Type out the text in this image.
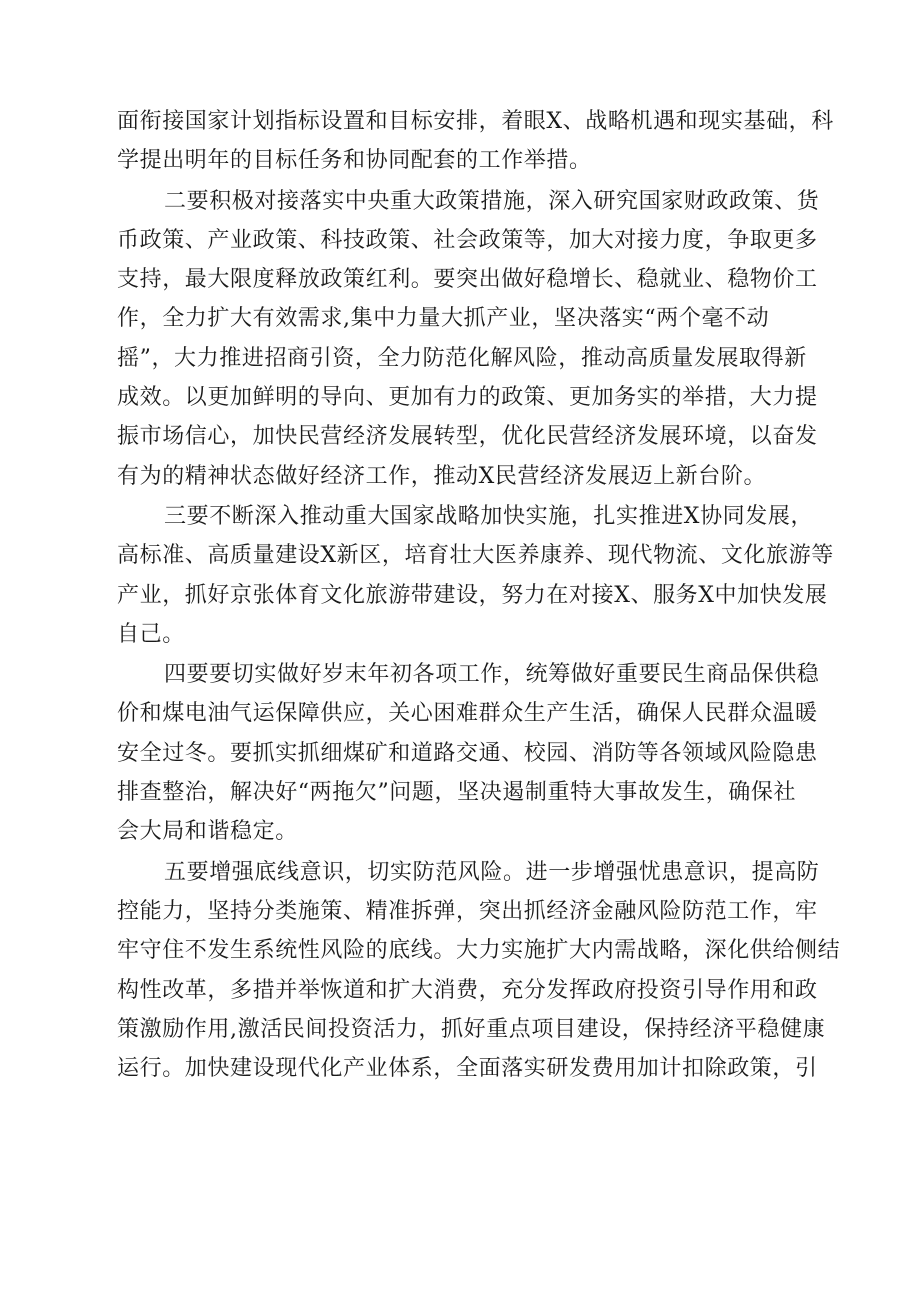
面衔接国家计划指标设置和目标安排，着眼X、战略机遇和现实基础，科
学提出明年的目标任务和协同配套的工作举措。
二要积极对接落实中央重大政策措施，深入研究国家财政政策、货
币政策、产业政策、科技政策、社会政策等，加大对接力度，争取更多
支持，最大限度释放政策红利。要突出做好稳增长、稳就业、稳物价工
作，全力扩大有效需求,集中力量大抓产业，坚决落实“两个毫不动
摇”，大力推进招商引资，全力防范化解风险，推动高质量发展取得新
成效。以更加鲜明的导向、更加有力的政策、更加务实的举措，大力提
振市场信心，加快民营经济发展转型，优化民营经济发展环境，以奋发
有为的精神状态做好经济工作，推动X民营经济发展迈上新台阶。
三要不断深入推动重大国家战略加快实施，扎实推进X协同发展，
高标准、高质量建设X新区，培育壮大医养康养、现代物流、文化旅游等
产业，抓好京张体育文化旅游带建设，努力在对接X、服务X中加快发展
自己。
四要要切实做好岁末年初各项工作，统筹做好重要民生商品保供稳
价和煤电油气运保障供应，关心困难群众生产生活，确保人民群众温暖
安全过冬。要抓实抓细煤矿和道路交通、校园、消防等各领域风险隐患
排查整治，解决好“两拖欠”问题，坚决遏制重特大事故发生，确保社
会大局和谐稳定。
五要增强底线意识，切实防范风险。进一步增强忧患意识，提高防
控能力，坚持分类施策、精准拆弹，突出抓经济金融风险防范工作，牢
牢守住不发生系统性风险的底线。大力实施扩大内需战略，深化供给侧结
构性改革，多措并举恢道和扩大消费，充分发挥政府投资引导作用和政
策激励作用,激活民间投资活力，抓好重点项目建设，保持经济平稳健康
运行。加快建设现代化产业体系，全面落实研发费用加计扣除政策，引
